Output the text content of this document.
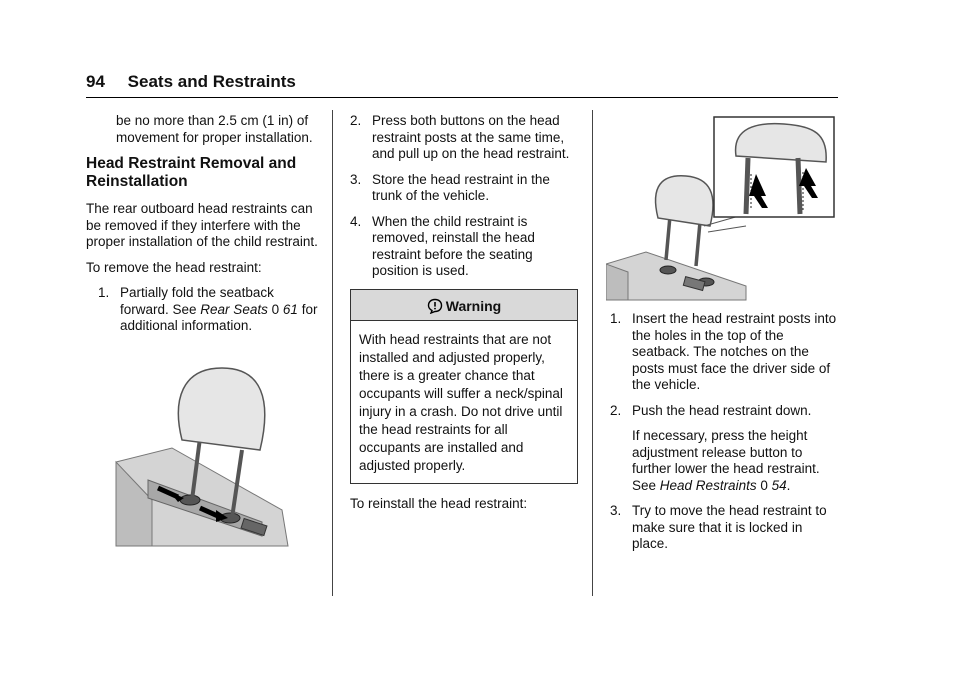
94 Seats and Restraints

be no more than 2.5 cm (1 in) of movement for proper installation.

Head Restraint Removal and Reinstallation

The rear outboard head restraints can be removed if they interfere with the proper installation of the child restraint.

To remove the head restraint:

1. Partially fold the seatback forward. See Rear Seats 0 61 for additional information.
2. Press both buttons on the head restraint posts at the same time, and pull up on the head restraint.
3. Store the head restraint in the trunk of the vehicle.
4. When the child restraint is removed, reinstall the head restraint before the seating position is used.
Warning
With head restraints that are not installed and adjusted properly, there is a greater chance that occupants will suffer a neck/spinal injury in a crash. Do not drive until the head restraints for all occupants are installed and adjusted properly.

To reinstall the head restraint:

1. Insert the head restraint posts into the holes in the top of the seatback. The notches on the posts must face the driver side of the vehicle.
2. Push the head restraint down.

If necessary, press the height adjustment release button to further lower the head restraint. See Head Restraints 0 54.

3. Try to move the head restraint to make sure that it is locked in place.
